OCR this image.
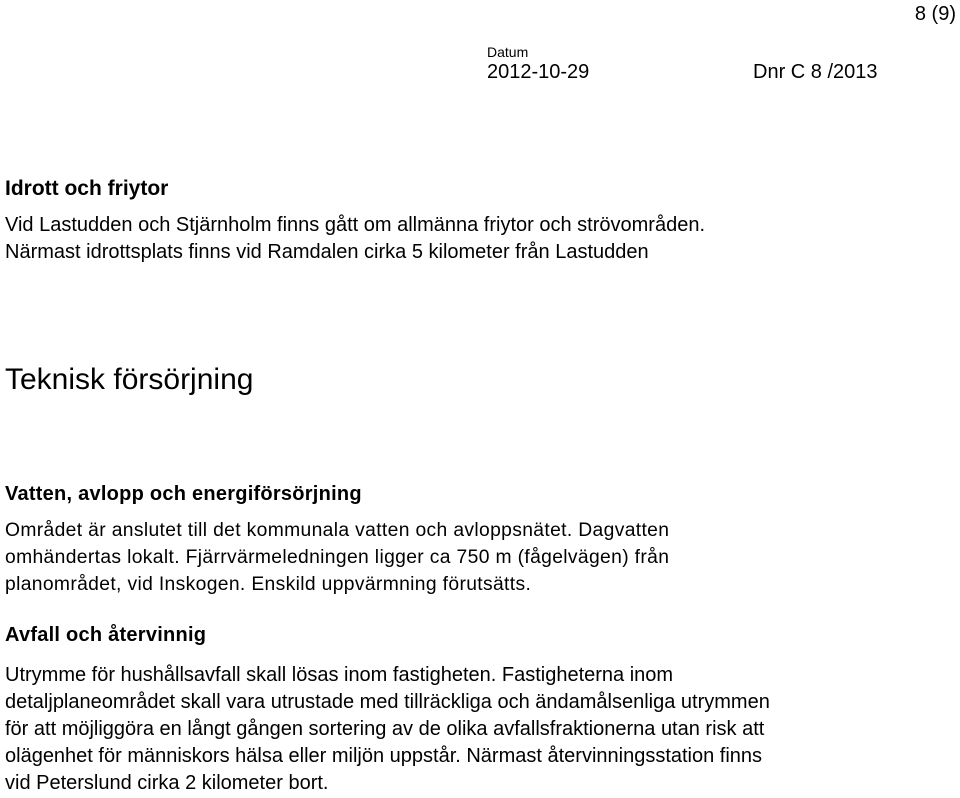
8 (9)
Datum
2012-10-29	Dnr C 8 /2013
Idrott och friytor
Vid Lastudden och Stjärnholm finns gått om allmänna friytor och strövområden.
Närmast idrottsplats finns vid Ramdalen cirka 5 kilometer från Lastudden
Teknisk försörjning
Vatten, avlopp och energiförsörjning
Området är anslutet till det kommunala vatten och avloppsnätet. Dagvatten
omhändertas lokalt. Fjärrvärmeledningen ligger ca 750 m (fågelvägen) från
planområdet, vid Inskogen. Enskild uppvärmning förutsätts.
Avfall och återvinnig
Utrymme för hushållsavfall skall lösas inom fastigheten. Fastigheterna inom
detaljplaneområdet skall vara utrustade med tillräckliga och ändamålsenliga utrymmen
för att möjliggöra en långt gången sortering av de olika avfallsfraktionerna utan risk att
olägenhet för människors hälsa eller miljön uppstår. Närmast återvinningsstation finns
vid Peterslund cirka 2 kilometer bort.
